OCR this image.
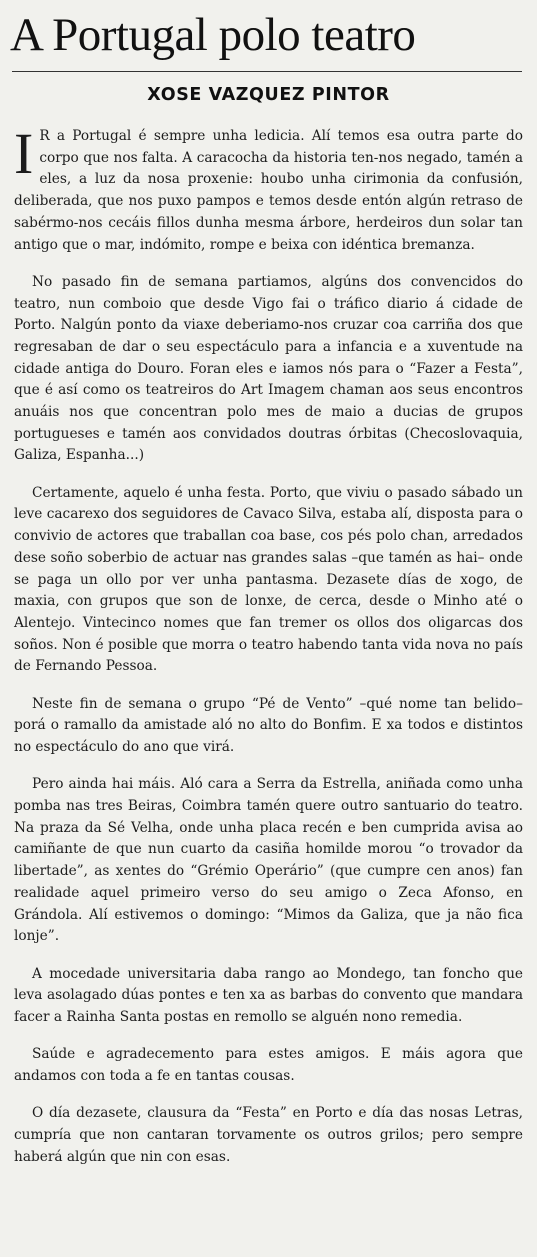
A Portugal polo teatro
XOSE VAZQUEZ PINTOR

I R a Portugal é sempre unha ledicia. Alí temos esa outra parte do corpo que nos falta. A caracocha da historia ten-nos negado, tamén a eles, a luz da nosa proxenie: houbo unha cirimonia da confusión, deliberada, que nos puxo pampos e temos desde entón algún retraso de sabérmo-nos cecáis fillos dunha mesma árbore, herdeiros dun solar tan antigo que o mar, indómito, rompe e beixa con idéntica bremanza.

No pasado fin de semana partiamos, algúns dos convencidos do teatro, nun comboio que desde Vigo fai o tráfico diario á cidade de Porto. Nalgún ponto da viaxe deberiamo-nos cruzar coa carriña dos que regresaban de dar o seu espectáculo para a infancia e a xuventude na cidade antiga do Douro. Foran eles e iamos nós para o “Fazer a Festa”, que é así como os teatreiros do Art Imagem chaman aos seus encontros anuáis nos que concentran polo mes de maio a ducias de grupos portugueses e tamén aos convidados doutras órbitas (Checoslovaquia, Galiza, Espanha...)

Certamente, aquelo é unha festa. Porto, que viviu o pasado sábado un leve cacarexo dos seguidores de Cavaco Silva, estaba alí, disposta para o convivio de actores que traballan coa base, cos pés polo chan, arredados dese soño soberbio de actuar nas grandes salas –que tamén as hai– onde se paga un ollo por ver unha pantasma. Dezasete días de xogo, de maxia, con grupos que son de lonxe, de cerca, desde o Minho até o Alentejo. Vintecinco nomes que fan tremer os ollos dos oligarcas dos soños. Non é posible que morra o teatro habendo tanta vida nova no país de Fernando Pessoa.

Neste fin de semana o grupo “Pé de Vento” –qué nome tan belido– porá o ramallo da amistade aló no alto do Bonfim. E xa todos e distintos no espectáculo do ano que virá.

Pero ainda hai máis. Aló cara a Serra da Estrella, aniñada como unha pomba nas tres Beiras, Coimbra tamén quere outro santuario do teatro. Na praza da Sé Velha, onde unha placa recén e ben cumprida avisa ao camiñante de que nun cuarto da casiña homilde morou “o trovador da libertade”, as xentes do “Grémio Operário” (que cumpre cen anos) fan realidade aquel primeiro verso do seu amigo o Zeca Afonso, en Grándola. Alí estivemos o domingo: “Mimos da Galiza, que ja não fica lonje”.

A mocedade universitaria daba rango ao Mondego, tan foncho que leva asolagado dúas pontes e ten xa as barbas do convento que mandara facer a Rainha Santa postas en remollo se alguén nono remedia.

Saúde e agradecemento para estes amigos. E máis agora que andamos con toda a fe en tantas cousas.

O día dezasete, clausura da “Festa” en Porto e día das nosas Letras, cumpría que non cantaran torvamente os outros grilos; pero sempre haberá algún que nin con esas.
